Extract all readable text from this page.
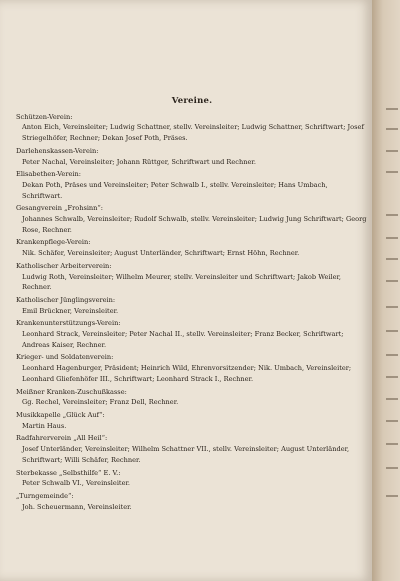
Vereine.
Schützen-Verein:
Anton Eich, Vereinsleiter; Ludwig Schattner, stellv. Vereinsleiter; Ludwig Schattner, Schriftwart; Josef Striegelhöfer, Rechner; Dekan Josef Poth, Präses.
Darlehenskassen-Verein:
Peter Nachal, Vereinsleiter; Johann Rüttger, Schriftwart und Rechner.
Elisabethen-Verein:
Dekan Poth, Präses und Vereinsleiter; Peter Schwalb I., stellv. Vereinsleiter; Hans Umbach, Schriftwart.
Gesangverein „Frohsinn“:
Johannes Schwalb, Vereinsleiter; Rudolf Schwalb, stellv. Vereinsleiter; Ludwig Jung Schriftwart; Georg Rose, Rechner.
Krankenpflege-Verein:
Nik. Schäfer, Vereinsleiter; August Unterländer, Schriftwart; Ernst Höhn, Rechner.
Katholischer Arbeiterverein:
Ludwig Roth, Vereinsleiter; Wilhelm Meurer, stellv. Vereinsleiter und Schriftwart; Jakob Weiler, Rechner.
Katholischer Jünglingsverein:
Emil Brückner, Vereinsleiter.
Krankenunterstützungs-Verein:
Leonhard Strack, Vereinsleiter; Peter Nachal II., stellv. Vereinsleiter; Franz Becker, Schriftwart; Andreas Kaiser, Rechner.
Krieger- und Soldatenverein:
Leonhard Hagenburger, Präsident; Heinrich Wild, Ehrenvorsitzender; Nik. Umbach, Vereinsleiter; Leonhard Gliefenhöfer III., Schriftwart; Leonhard Strack I., Rechner.
Meißner Kranken-Zuschußkasse:
Gg. Rechel, Vereinsleiter; Franz Dell, Rechner.
Musikkapelle „Glück Auf“:
Martin Haus.
Radfahrerverein „All Heil“:
Josef Unterländer, Vereinsleiter; Wilhelm Schattner VII., stellv. Vereinsleiter; August Unterländer, Schriftwart; Willi Schäfer, Rechner.
Sterbekasse „Selbsthilfe“ E. V.:
Peter Schwalb VI., Vereinsleiter.
„Turngemeinde“:
Joh. Scheuermann, Vereinsleiter.
